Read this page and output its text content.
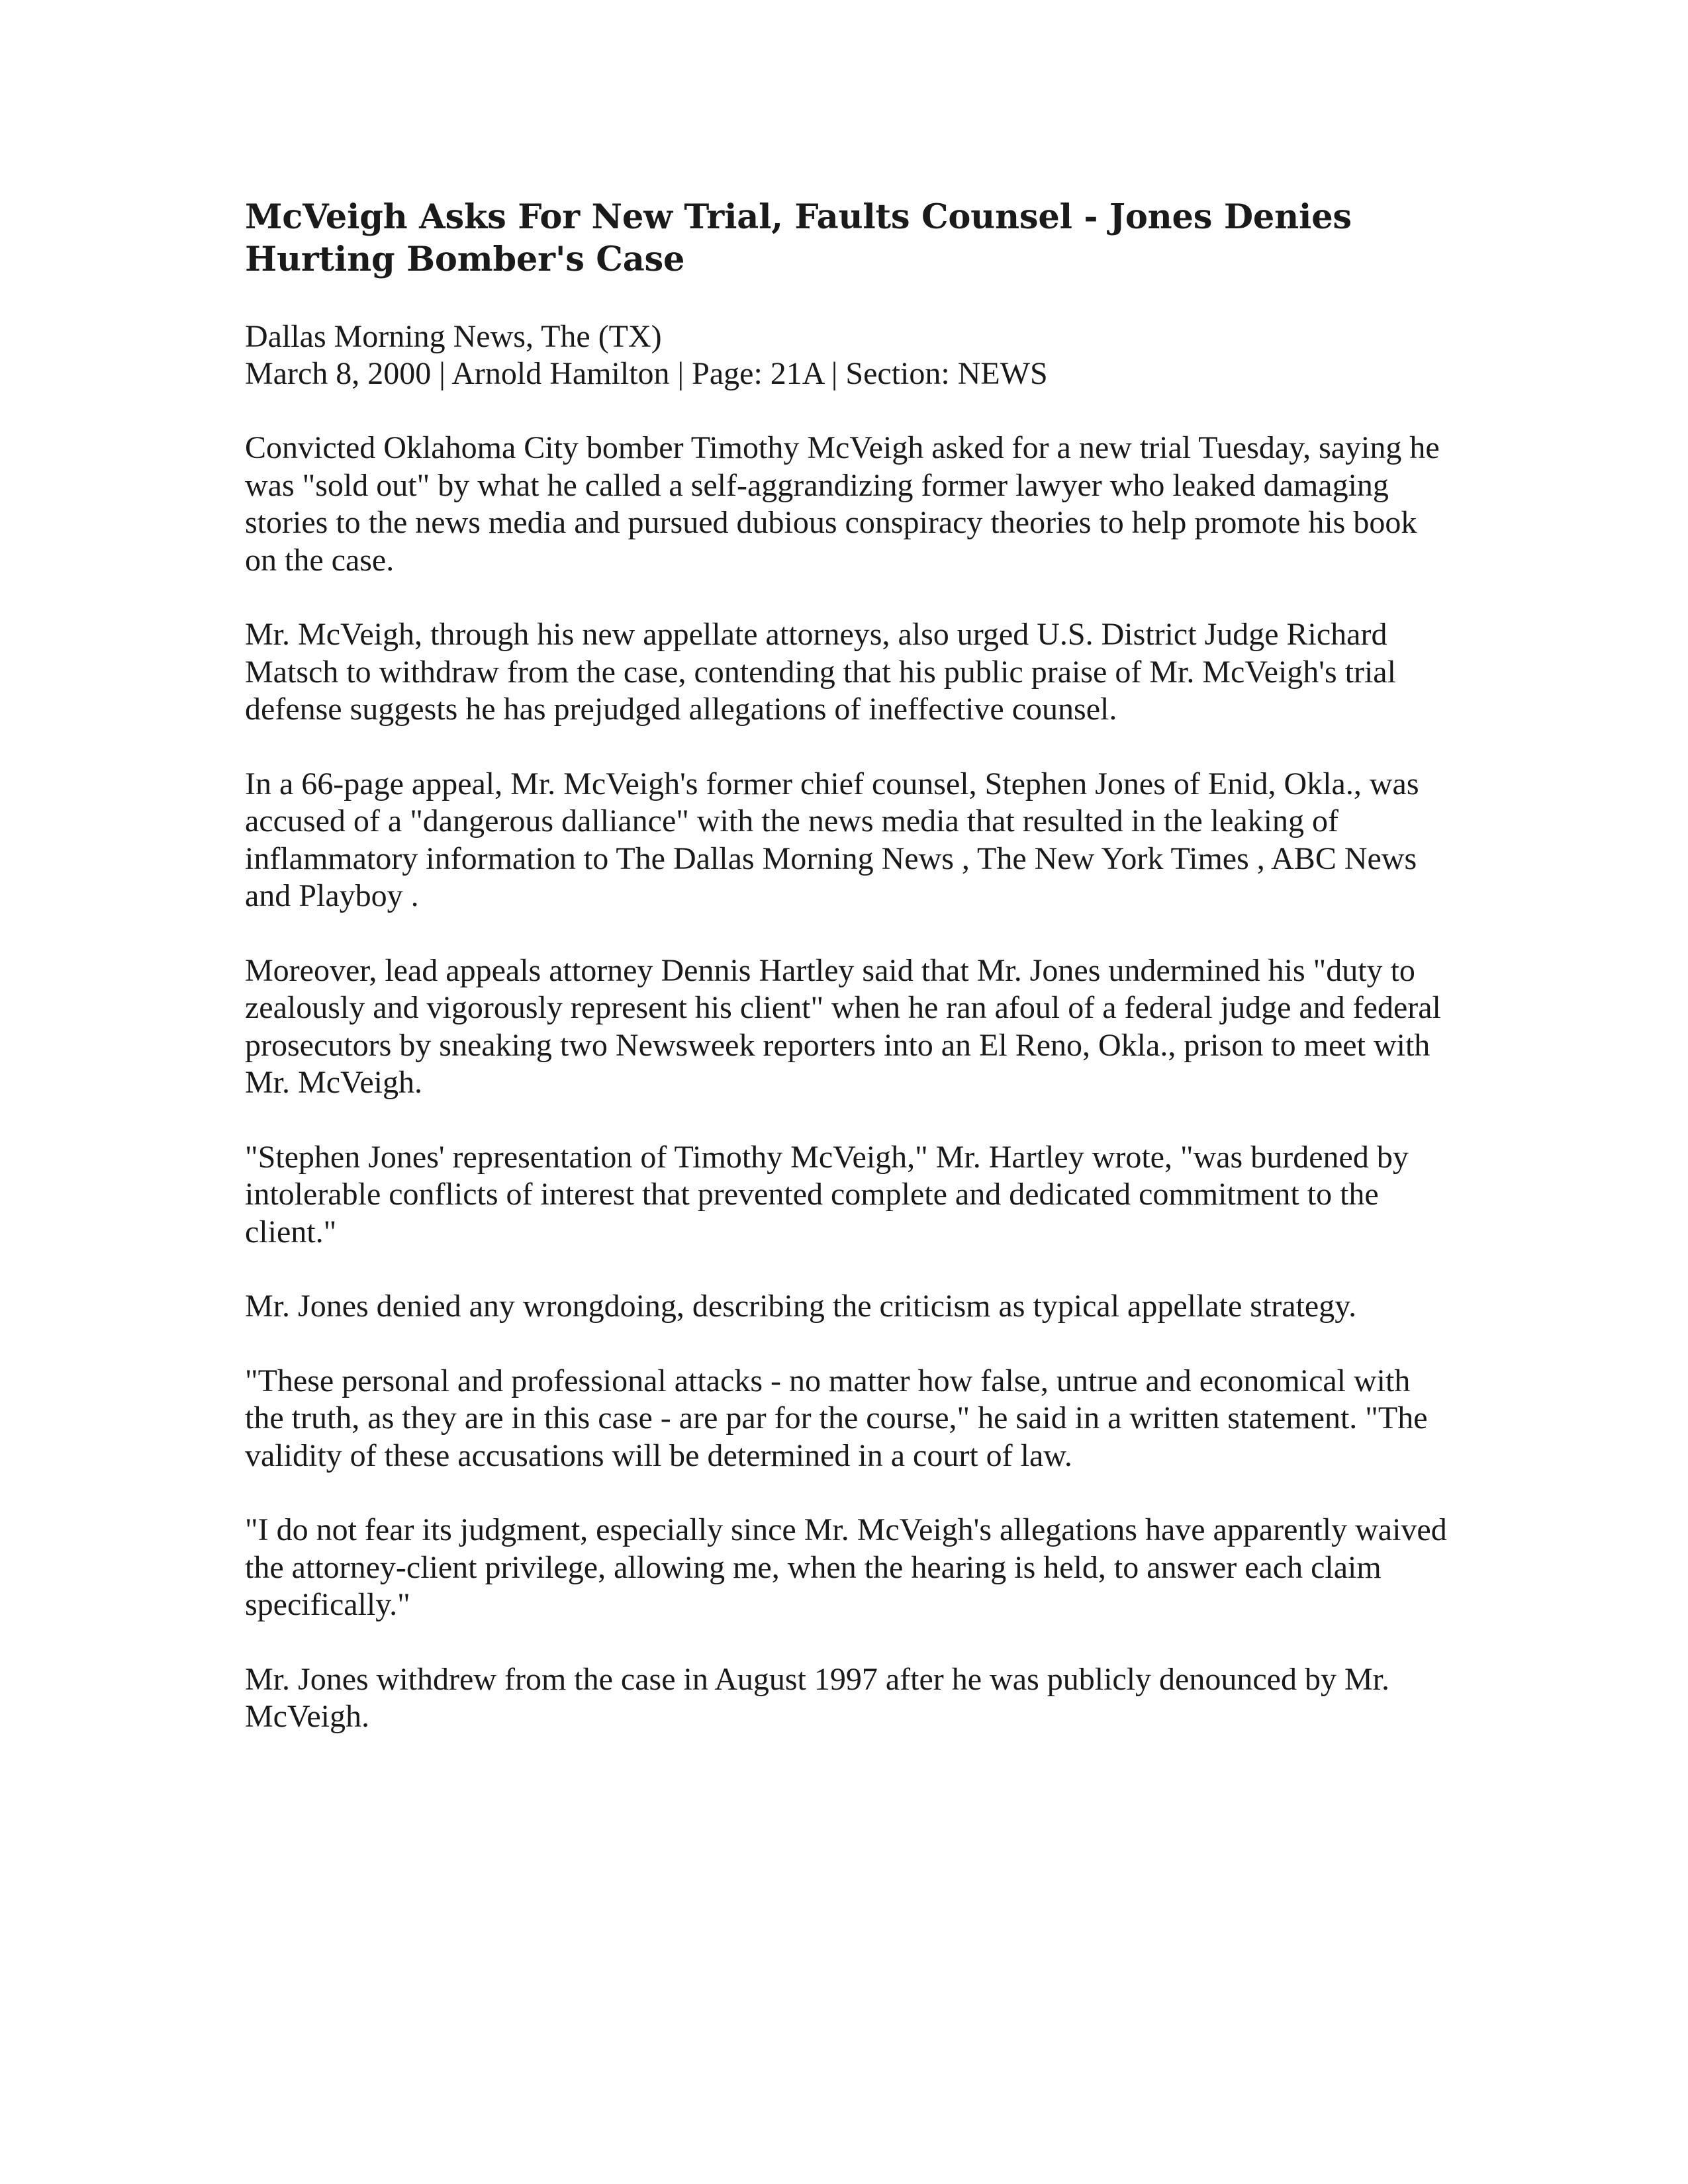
McVeigh Asks For New Trial, Faults Counsel - Jones Denies Hurting Bomber's Case

Dallas Morning News, The (TX)

March 8, 2000 | Arnold Hamilton | Page: 21A | Section: NEWS

Convicted Oklahoma City bomber Timothy McVeigh asked for a new trial Tuesday, saying he was "sold out" by what he called a self-aggrandizing former lawyer who leaked damaging stories to the news media and pursued dubious conspiracy theories to help promote his book on the case.

Mr. McVeigh, through his new appellate attorneys, also urged U.S. District Judge Richard Matsch to withdraw from the case, contending that his public praise of Mr. McVeigh's trial defense suggests he has prejudged allegations of ineffective counsel.

In a 66-page appeal, Mr. McVeigh's former chief counsel, Stephen Jones of Enid, Okla., was accused of a "dangerous dalliance" with the news media that resulted in the leaking of inflammatory information to The Dallas Morning News , The New York Times , ABC News and Playboy .

Moreover, lead appeals attorney Dennis Hartley said that Mr. Jones undermined his "duty to zealously and vigorously represent his client" when he ran afoul of a federal judge and federal prosecutors by sneaking two Newsweek reporters into an El Reno, Okla., prison to meet with Mr. McVeigh.

"Stephen Jones' representation of Timothy McVeigh," Mr. Hartley wrote, "was burdened by intolerable conflicts of interest that prevented complete and dedicated commitment to the client."

Mr. Jones denied any wrongdoing, describing the criticism as typical appellate strategy.

"These personal and professional attacks - no matter how false, untrue and economical with the truth, as they are in this case - are par for the course," he said in a written statement. "The validity of these accusations will be determined in a court of law.

"I do not fear its judgment, especially since Mr. McVeigh's allegations have apparently waived the attorney-client privilege, allowing me, when the hearing is held, to answer each claim specifically."

Mr. Jones withdrew from the case in August 1997 after he was publicly denounced by Mr. McVeigh.
